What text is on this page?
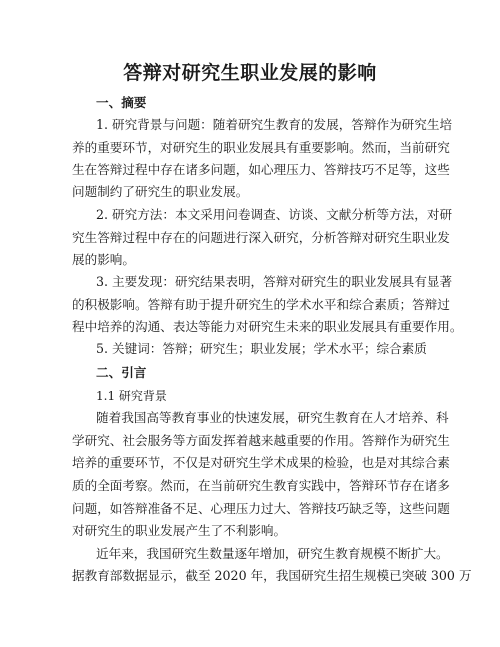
答辩对研究生职业发展的影响
一、摘要
1. 研究背景与问题：随着研究生教育的发展，答辩作为研究生培
养的重要环节，对研究生的职业发展具有重要影响。然而，当前研究
生在答辩过程中存在诸多问题，如心理压力、答辩技巧不足等，这些
问题制约了研究生的职业发展。
2. 研究方法：本文采用问卷调查、访谈、文献分析等方法，对研
究生答辩过程中存在的问题进行深入研究，分析答辩对研究生职业发
展的影响。
3. 主要发现：研究结果表明，答辩对研究生的职业发展具有显著
的积极影响。答辩有助于提升研究生的学术水平和综合素质；答辩过
程中培养的沟通、表达等能力对研究生未来的职业发展具有重要作用。
5. 关键词：答辩；研究生；职业发展；学术水平；综合素质
二、引言
1.1 研究背景
随着我国高等教育事业的快速发展，研究生教育在人才培养、科
学研究、社会服务等方面发挥着越来越重要的作用。答辩作为研究生
培养的重要环节，不仅是对研究生学术成果的检验，也是对其综合素
质的全面考察。然而，在当前研究生教育实践中，答辩环节存在诸多
问题，如答辩准备不足、心理压力过大、答辩技巧缺乏等，这些问题
对研究生的职业发展产生了不利影响。
近年来，我国研究生数量逐年增加，研究生教育规模不断扩大。
据教育部数据显示，截至 2020 年，我国研究生招生规模已突破 300 万
